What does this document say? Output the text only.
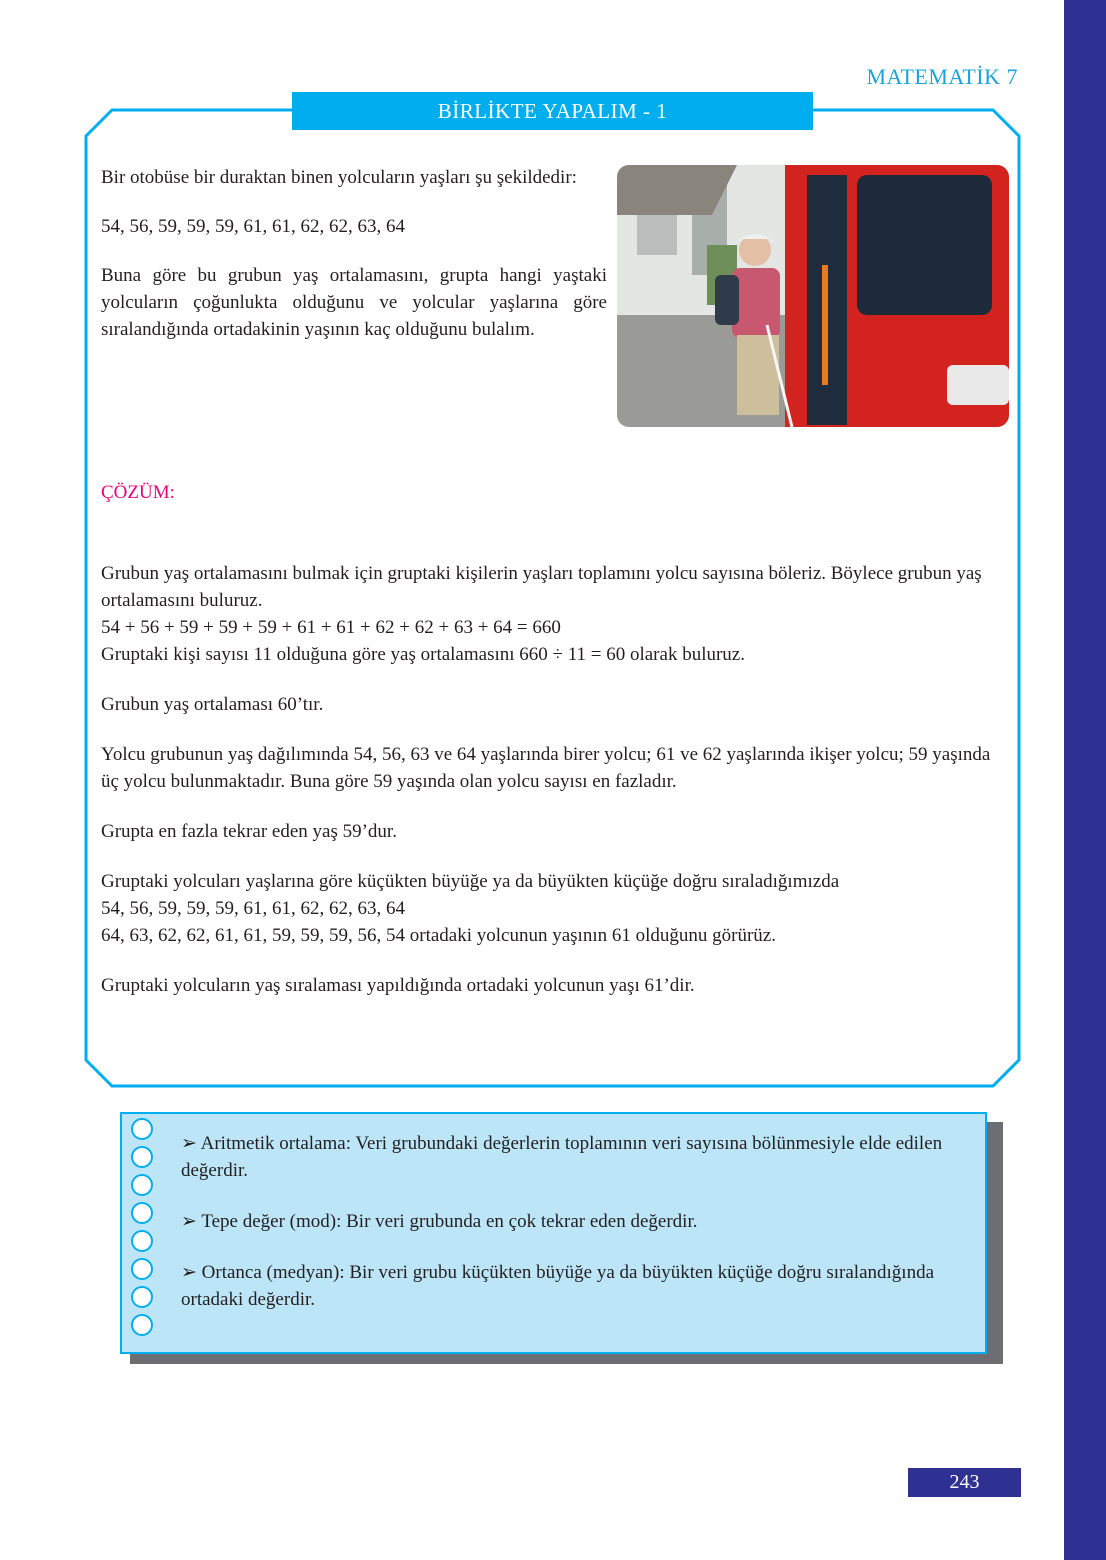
MATEMATİK 7
BİRLİKTE YAPALIM - 1

Bir otobüse bir duraktan binen yolcuların yaşları şu şekildedir:

54, 56, 59, 59, 59, 61, 61, 62, 62, 63, 64

Buna göre bu grubun yaş ortalamasını, grupta hangi yaştaki yolcuların çoğunlukta olduğunu ve yolcular yaşlarına göre sıralandığında ortadakinin yaşının kaç olduğunu bulalım.

ÇÖZÜM:

Grubun yaş ortalamasını bulmak için gruptaki kişilerin yaşları toplamını yolcu sayısına böleriz. Böylece grubun yaş ortalamasını buluruz.
54 + 56 + 59 + 59 + 59 + 61 + 61 + 62 + 62 + 63 + 64 = 660
Gruptaki kişi sayısı 11 olduğuna göre yaş ortalamasını 660 ÷ 11 = 60 olarak buluruz.

Grubun yaş ortalaması 60’tır.

Yolcu grubunun yaş dağılımında 54, 56, 63 ve 64 yaşlarında birer yolcu; 61 ve 62 yaşlarında ikişer yolcu; 59 yaşında üç yolcu bulunmaktadır. Buna göre 59 yaşında olan yolcu sayısı en fazladır.

Grupta en fazla tekrar eden yaş 59’dur.

Gruptaki yolcuları yaşlarına göre küçükten büyüğe ya da büyükten küçüğe doğru sıraladığımızda
54, 56, 59, 59, 59, 61, 61, 62, 62, 63, 64
64, 63, 62, 62, 61, 61, 59, 59, 59, 56, 54 ortadaki yolcunun yaşının 61 olduğunu görürüz.

Gruptaki yolcuların yaş sıralaması yapıldığında ortadaki yolcunun yaşı 61’dir.

➢ Aritmetik ortalama: Veri grubundaki değerlerin toplamının veri sayısına bölünmesiyle elde edilen değerdir.

➢ Tepe değer (mod): Bir veri grubunda en çok tekrar eden değerdir.

➢ Ortanca (medyan): Bir veri grubu küçükten büyüğe ya da büyükten küçüğe doğru sıralandığında ortadaki değerdir.

243
